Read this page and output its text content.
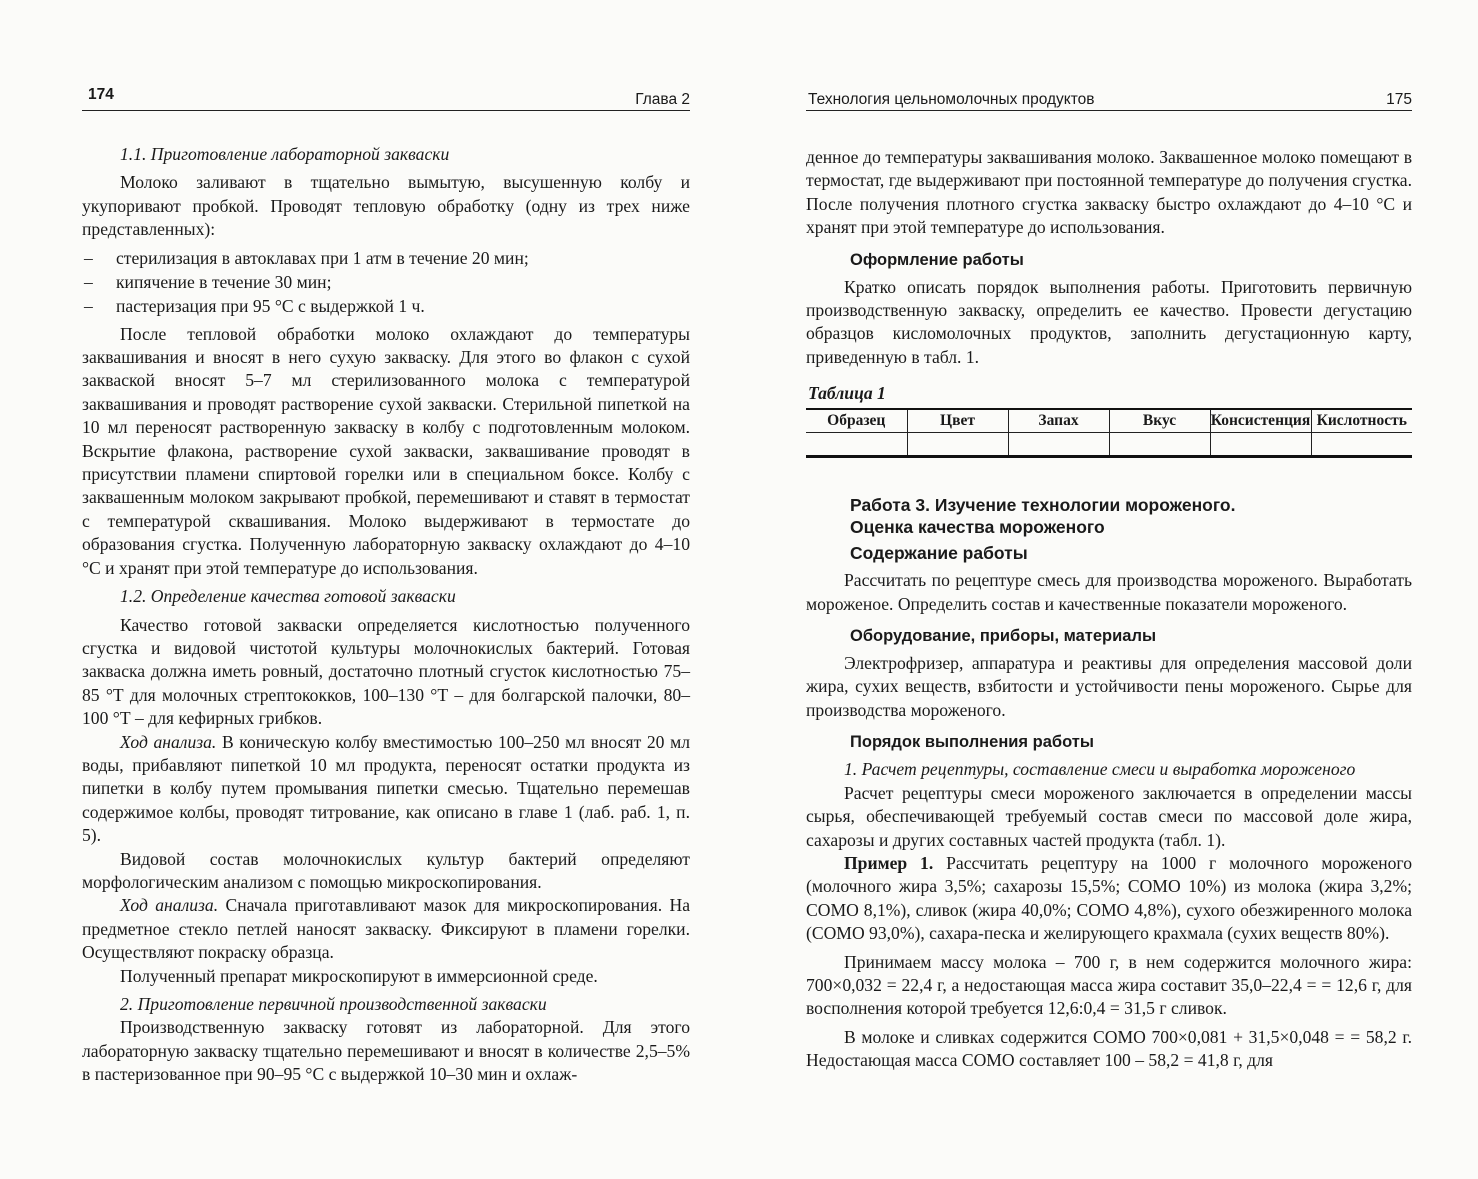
174	Глава 2

1.1. Приготовление лабораторной закваски

Молоко заливают в тщательно вымытую, высушенную колбу и укупоривают пробкой. Проводят тепловую обработку (одну из трех ниже представленных):

– стерилизация в автоклавах при 1 атм в течение 20 мин;
– кипячение в течение 30 мин;
– пастеризация при 95 °С с выдержкой 1 ч.

После тепловой обработки молоко охлаждают до температуры заквашивания и вносят в него сухую закваску. Для этого во флакон с сухой закваской вносят 5–7 мл стерилизованного молока с температурой заквашивания и проводят растворение сухой закваски. Стерильной пипеткой на 10 мл переносят растворенную закваску в колбу с подготовленным молоком. Вскрытие флакона, растворение сухой закваски, заквашивание проводят в присутствии пламени спиртовой горелки или в специальном боксе. Колбу с заквашенным молоком закрывают пробкой, перемешивают и ставят в термостат с температурой сквашивания. Молоко выдерживают в термостате до образования сгустка. Полученную лабораторную закваску охлаждают до 4–10 °С и хранят при этой температуре до использования.

1.2. Определение качества готовой закваски

Качество готовой закваски определяется кислотностью полученного сгустка и видовой чистотой культуры молочнокислых бактерий. Готовая закваска должна иметь ровный, достаточно плотный сгусток кислотностью 75–85 °Т для молочных стрептококков, 100–130 °Т – для болгарской палочки, 80–100 °Т – для кефирных грибков.

Ход анализа. В коническую колбу вместимостью 100–250 мл вносят 20 мл воды, прибавляют пипеткой 10 мл продукта, переносят остатки продукта из пипетки в колбу путем промывания пипетки смесью. Тщательно перемешав содержимое колбы, проводят титрование, как описано в главе 1 (лаб. раб. 1, п. 5).

Видовой состав молочнокислых культур бактерий определяют морфологическим анализом с помощью микроскопирования.

Ход анализа. Сначала приготавливают мазок для микроскопирования. На предметное стекло петлей наносят закваску. Фиксируют в пламени горелки. Осуществляют покраску образца.

Полученный препарат микроскопируют в иммерсионной среде.

2. Приготовление первичной производственной закваски

Производственную закваску готовят из лабораторной. Для этого лабораторную закваску тщательно перемешивают и вносят в количестве 2,5–5% в пастеризованное при 90–95 °С с выдержкой 10–30 мин и охлаж-

Технология цельномолочных продуктов	175

денное до температуры заквашивания молоко. Заквашенное молоко помещают в термостат, где выдерживают при постоянной температуре до получения сгустка. После получения плотного сгустка закваску быстро охлаждают до 4–10 °С и хранят при этой температуре до использования.

Оформление работы

Кратко описать порядок выполнения работы. Приготовить первичную производственную закваску, определить ее качество. Провести дегустацию образцов кисломолочных продуктов, заполнить дегустационную карту, приведенную в табл. 1.

Таблица 1

Образец	Цвет	Запах	Вкус	Консистенция	Кислотность

Работа 3. Изучение технологии мороженого.

Оценка качества мороженого

Содержание работы

Рассчитать по рецептуре смесь для производства мороженого. Выработать мороженое. Определить состав и качественные показатели мороженого.

Оборудование, приборы, материалы

Электрофризер, аппаратура и реактивы для определения массовой доли жира, сухих веществ, взбитости и устойчивости пены мороженого. Сырье для производства мороженого.

Порядок выполнения работы

1. Расчет рецептуры, составление смеси и выработка мороженого

Расчет рецептуры смеси мороженого заключается в определении массы сырья, обеспечивающей требуемый состав смеси по массовой доле жира, сахарозы и других составных частей продукта (табл. 1).

Пример 1. Рассчитать рецептуру на 1000 г молочного мороженого (молочного жира 3,5%; сахарозы 15,5%; СОМО 10%) из молока (жира 3,2%; СОМО 8,1%), сливок (жира 40,0%; СОМО 4,8%), сухого обезжиренного молока (СОМО 93,0%), сахара-песка и желирующего крахмала (сухих веществ 80%).

Принимаем массу молока – 700 г, в нем содержится молочного жира: 700×0,032 = 22,4 г, а недостающая масса жира составит 35,0–22,4 = = 12,6 г, для восполнения которой требуется 12,6:0,4 = 31,5 г сливок.

В молоке и сливках содержится СОМО 700×0,081 + 31,5×0,048 = = 58,2 г. Недостающая масса СОМО составляет 100 – 58,2 = 41,8 г, для
